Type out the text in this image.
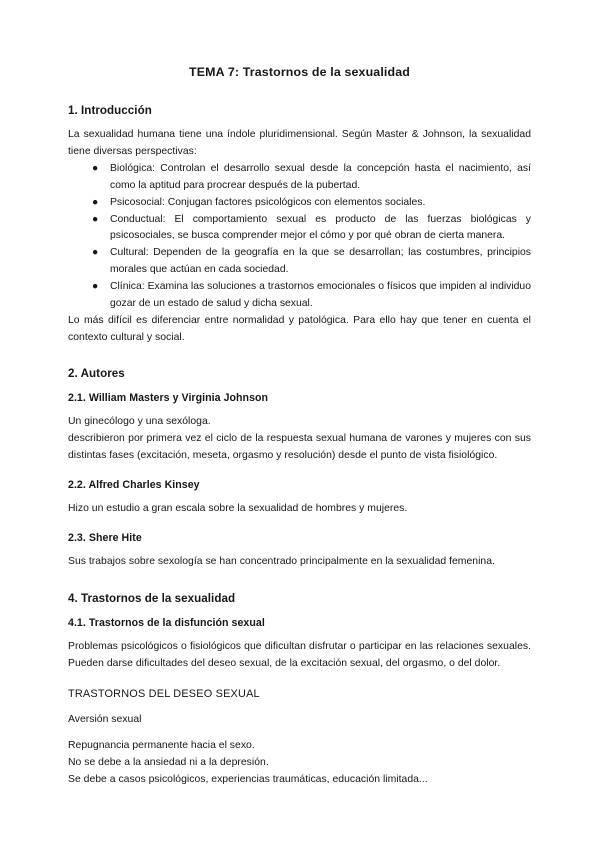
TEMA 7: Trastornos de la sexualidad
1. Introducción

La sexualidad humana tiene una índole pluridimensional. Según Master & Johnson, la sexualidad tiene diversas perspectivas:

●	Biológica: Controlan el desarrollo sexual desde la concepción hasta el nacimiento, así como la aptitud para procrear después de la pubertad.
●	Psicosocial: Conjugan factores psicológicos con elementos sociales.
●	Conductual: El comportamiento sexual es producto de las fuerzas biológicas y psicosociales, se busca comprender mejor el cómo y por qué obran de cierta manera.
●	Cultural: Dependen de la geografía en la que se desarrollan; las costumbres, principios morales que actúan en cada sociedad.
●	Clínica: Examina las soluciones a trastornos emocionales o físicos que impiden al individuo gozar de un estado de salud y dicha sexual.

Lo más difícil es diferenciar entre normalidad y patológica. Para ello hay que tener en cuenta el contexto cultural y social.

2. Autores
2.1. William Masters y Virginia Johnson

Un ginecólogo y una sexóloga.

describieron por primera vez el ciclo de la respuesta sexual humana de varones y mujeres con sus distintas fases (excitación, meseta, orgasmo y resolución) desde el punto de vista fisiológico.

2.2. Alfred Charles Kinsey

Hizo un estudio a gran escala sobre la sexualidad de hombres y mujeres.

2.3. Shere Hite

Sus trabajos sobre sexología se han concentrado principalmente en la sexualidad femenina.

4. Trastornos de la sexualidad
4.1. Trastornos de la disfunción sexual

Problemas psicológicos o fisiológicos que dificultan disfrutar o participar en las relaciones sexuales. Pueden darse dificultades del deseo sexual, de la excitación sexual, del orgasmo, o del dolor.

TRASTORNOS DEL DESEO SEXUAL

Aversión sexual

Repugnancia permanente hacia el sexo.

No se debe a la ansiedad ni a la depresión.

Se debe a casos psicológicos, experiencias traumáticas, educación limitada...
